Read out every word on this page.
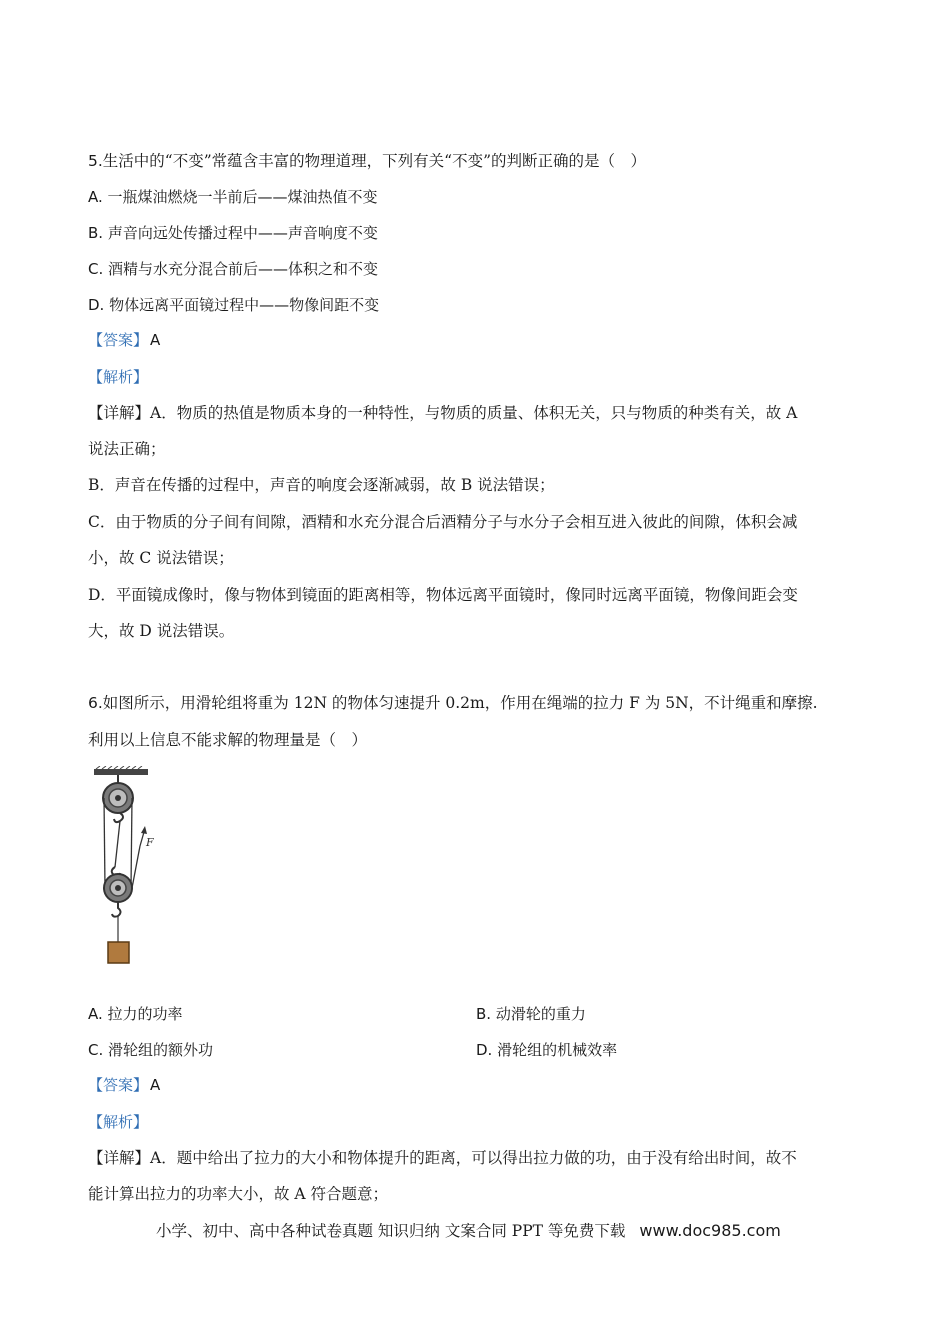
5.生活中的“不变”常蕴含丰富的物理道理，下列有关“不变”的判断正确的是（　）
A. 一瓶煤油燃烧一半前后——煤油热值不变
B. 声音向远处传播过程中——声音响度不变
C. 酒精与水充分混合前后——体积之和不变
D. 物体远离平面镜过程中——物像间距不变
【答案】 A
【解析】
【详解】A．物质的热值是物质本身的一种特性，与物质的质量、体积无关，只与物质的种类有关，故 A
说法正确；
B．声音在传播的过程中，声音的响度会逐渐减弱，故 B 说法错误；
C．由于物质的分子间有间隙，酒精和水充分混合后酒精分子与水分子会相互进入彼此的间隙，体积会减
小，故 C 说法错误；
D．平面镜成像时，像与物体到镜面的距离相等，物体远离平面镜时，像同时远离平面镜，物像间距会变
大，故 D 说法错误。
6.如图所示，用滑轮组将重为 12N 的物体匀速提升 0.2m，作用在绳端的拉力 F 为 5N，不计绳重和摩擦.
利用以上信息不能求解的物理量是（　）
F
A. 拉力的功率	B. 动滑轮的重力
C. 滑轮组的额外功	D. 滑轮组的机械效率
【答案】 A
【解析】
【详解】A．题中给出了拉力的大小和物体提升的距离，可以得出拉力做的功，由于没有给出时间，故不
能计算出拉力的功率大小，故 A 符合题意；
小学、初中、高中各种试卷真题 知识归纳 文案合同 PPT 等免费下载 www.doc985.com
